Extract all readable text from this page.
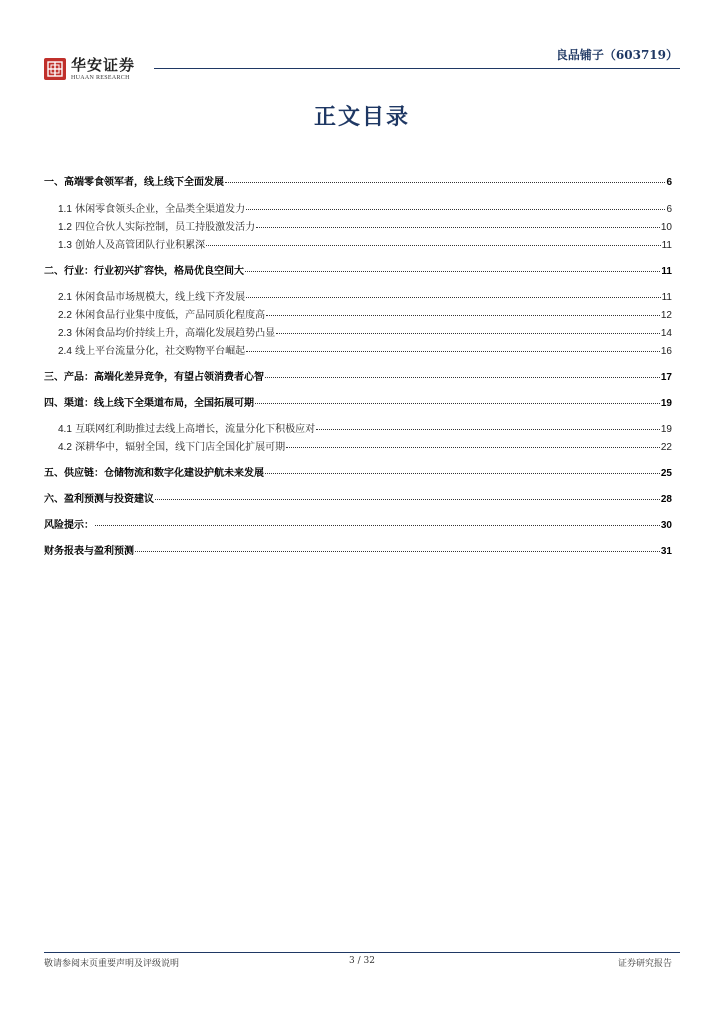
华安证券
HUAAN RESEARCH
良品铺子（603719）
正文目录
一、高端零食领军者，线上线下全面发展	6
1.1 休闲零食领头企业，全品类全渠道发力	6
1.2 四位合伙人实际控制，员工持股激发活力	10
1.3 创始人及高管团队行业积累深	11
二、行业：行业初兴扩容快，格局优良空间大	11
2.1 休闲食品市场规模大，线上线下齐发展	11
2.2 休闲食品行业集中度低，产品同质化程度高	12
2.3 休闲食品均价持续上升，高端化发展趋势凸显	14
2.4 线上平台流量分化，社交购物平台崛起	16
三、产品：高端化差异竞争，有望占领消费者心智	17
四、渠道：线上线下全渠道布局，全国拓展可期	19
4.1 互联网红利助推过去线上高增长，流量分化下积极应对	19
4.2 深耕华中，辐射全国，线下门店全国化扩展可期	22
五、供应链：仓储物流和数字化建设护航未来发展	25
六、盈利预测与投资建议	28
风险提示：	30
财务报表与盈利预测	31
敬请参阅末页重要声明及评级说明	3 / 32	证券研究报告
